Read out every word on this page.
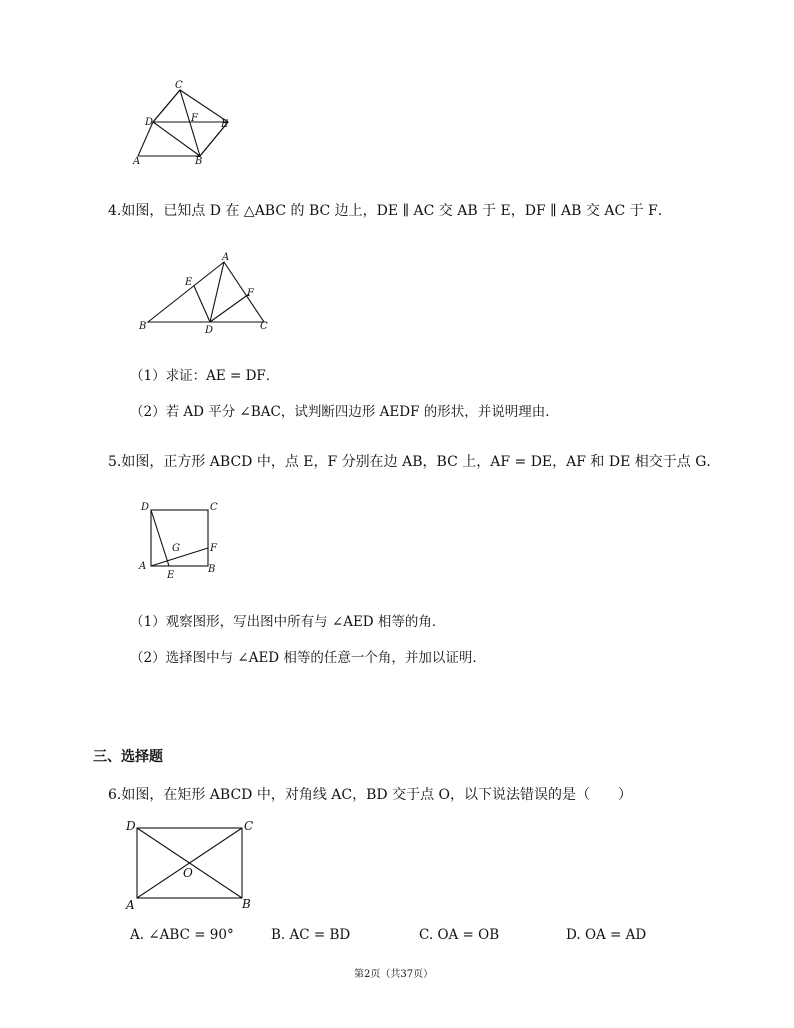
C
D	F
E
A	B
4.如图，已知点 D 在 △ABC 的 BC 边上，DE ∥ AC 交 AB 于 E，DF ∥ AB 交 AC 于 F．
A
E
F
B	D	C
（1）求证：AE = DF．
（2）若 AD 平分 ∠BAC，试判断四边形 AEDF 的形状，并说明理由．
5.如图，正方形 ABCD 中，点 E，F 分别在边 AB，BC 上，AF = DE，AF 和 DE 相交于点 G．
D	C
G	F
A
E
B
（1）观察图形，写出图中所有与 ∠AED 相等的角．
（2）选择图中与 ∠AED 相等的任意一个角，并加以证明．
三、选择题
6.如图，在矩形 ABCD 中，对角线 AC，BD 交于点 O，以下说法错误的是（　　）
D	C
O
A	B
A. ∠ABC = 90°	B. AC = BD	C. OA = OB	D. OA = AD
第2页（共37页）
